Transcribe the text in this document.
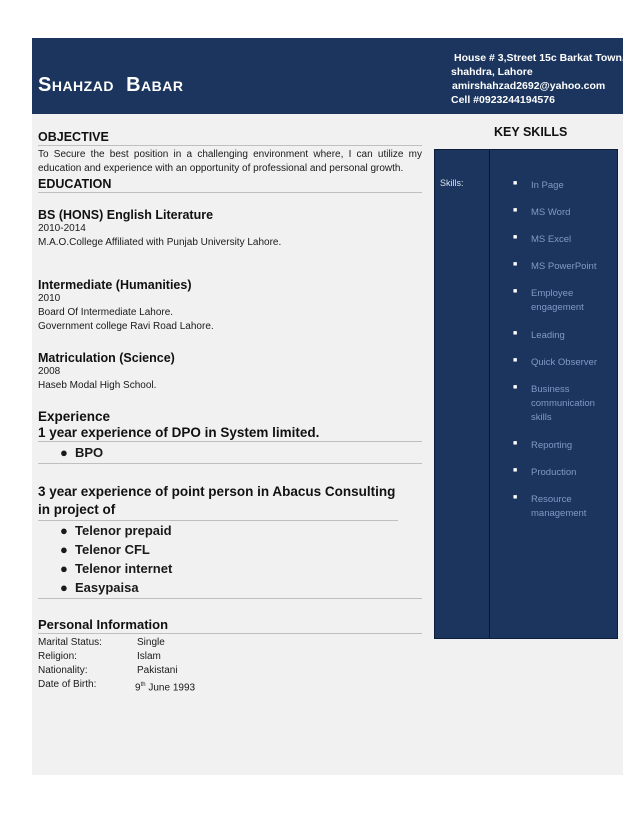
Shahzad Babar
House # 3,Street 15c Barkat Town,
shahdra, Lahore
amirshahzad2692@yahoo.com
Cell #0923244194576
OBJECTIVE
To Secure the best position in a challenging environment where, I can utilize my education and experience with an opportunity of professional and personal growth.
EDUCATION
BS (HONS) English Literature
2010-2014
M.A.O.College Affiliated with Punjab University Lahore.
Intermediate (Humanities)
2010
Board Of Intermediate Lahore.
Government college Ravi Road Lahore.
Matriculation (Science)
2008
Haseb Modal High School.
Experience
1 year experience of DPO in System limited.
● BPO
3 year experience of point person in Abacus Consulting in project of
● Telenor prepaid
● Telenor CFL
● Telenor internet
● Easypaisa
Personal Information
Marital Status:	Single
Religion:	Islam
Nationality:	Pakistani
Date of Birth:	9th June 1993
KEY SKILLS
Skills:	■ In Page
■ MS Word
■ MS Excel
■ MS PowerPoint
■ Employee engagement
■ Leading
■ Quick Observer
■ Business communication skills
■ Reporting
■ Production
■ Resource management
